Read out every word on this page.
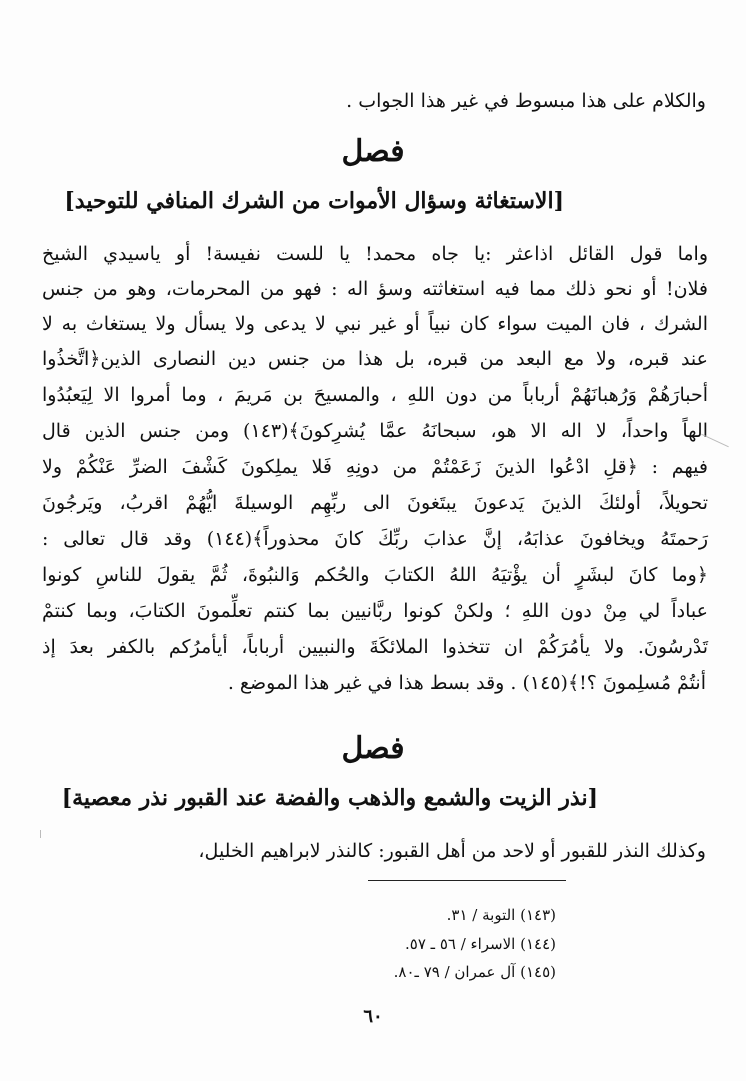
والكلام على هذا مبسوط في غير هذا الجواب .
فصل
[الاستغاثة وسؤال الأموات من الشرك المنافي للتوحيد]
واما قول القائل اذاعثر :يا جاه محمد! يا للست نفيسة! أو ياسيدي الشيخ
فلان! أو نحو ذلك مما فيه استغاثته وسؤ اله : فهو من المحرمات، وهو من جنس
الشرك ، فان الميت سواء كان نبياً أو غير نبي لا يدعى ولا يسأل ولا يستغاث به لا
عند قبره، ولا مع البعد من قبره، بل هذا من جنس دين النصارى الذين﴿اتَّخذُوا
أحبارَهُمْ وَرُهبانَهُمْ أرباباً من دون اللهِ ، والمسيحَ بن مَريمَ ، وما أمروا الا لِيَعبُدُوا
الهاً واحداً، لا اله الا هو، سبحانَهُ عمَّا يُشرِكونَ﴾(١٤٣) ومن جنس الذين قال
فيهم : ﴿قلِ ادْعُوا الذينَ زَعَمْتُمْ من دونِهِ فَلا يملِكونَ كَشْفَ الضرِّ عَنْكُمْ ولا
تحويلاً، أولئكَ الذينَ يَدعونَ يبتَغونَ الى ربِّهِم الوسيلةَ ايُّهُمْ اقربُ، ويَرجُونَ
رَحمتَهُ ويخافونَ عذابَهُ، إنَّ عذابَ ربِّكَ كانَ محذوراً﴾(١٤٤) وقد قال تعالى :
﴿وما كانَ لبشَرٍ أن يؤْتيَهُ اللهُ الكتابَ والحُكم وَالنبُوةَ، ثُمَّ يقولَ للناسِ كونوا
عباداً لي مِنْ دون اللهِ ؛ ولكنْ كونوا ربَّانيين بما كنتم تعلِّمونَ الكتابَ، وبما كنتمْ
تَدْرسُونَ. ولا يأمُرَكُمْ ان تتخذوا الملائكَةَ والنبيين أرباباً، أيأمرُكم بالكفر بعدَ إذ
أنتُمْ مُسلِمونَ ؟!﴾(١٤٥) . وقد بسط هذا في غير هذا الموضع .
فصل
[نذر الزيت والشمع والذهب والفضة عند القبور نذر معصية]
وكذلك النذر للقبور أو لاحد من أهل القبور: كالنذر لابراهيم الخليل،
(١٤٣) التوبة / ٣١.
(١٤٤) الاسراء / ٥٦ ـ ٥٧.
(١٤٥) آل عمران / ٧٩ ـ٨٠.
٦٠
